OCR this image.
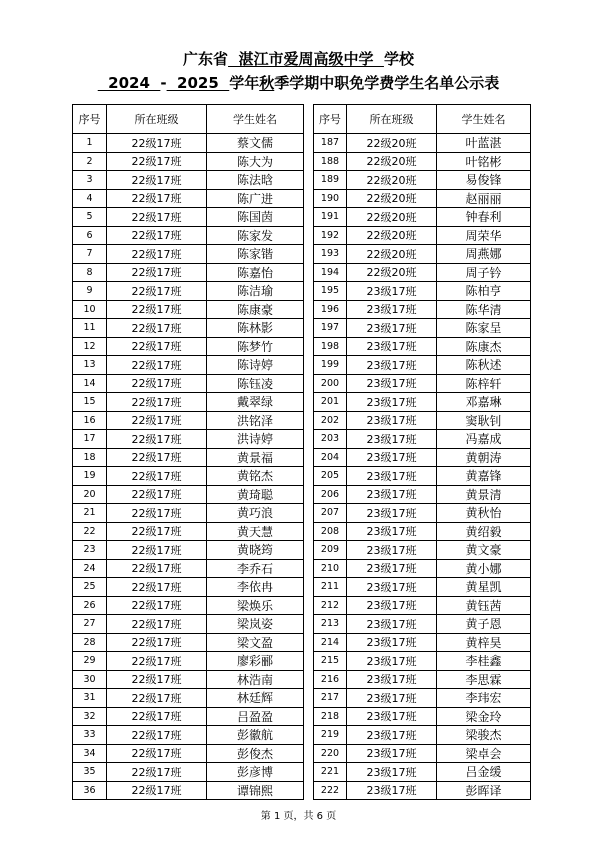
广东省  湛江市爱周高级中学  学校
2024  -  2025  学年秋季学期中职免学费学生名单公示表
序号	所在班级	学生姓名
1	22级17班	蔡文儒
2	22级17班	陈大为
3	22级17班	陈法晗
4	22级17班	陈广进
5	22级17班	陈国茵
6	22级17班	陈家发
7	22级17班	陈家锴
8	22级17班	陈嘉怡
9	22级17班	陈洁瑜
10	22级17班	陈康豪
11	22级17班	陈林影
12	22级17班	陈梦竹
13	22级17班	陈诗婷
14	22级17班	陈钰凌
15	22级17班	戴翠绿
16	22级17班	洪铭泽
17	22级17班	洪诗婷
18	22级17班	黄景福
19	22级17班	黄铭杰
20	22级17班	黄琦聪
21	22级17班	黄巧浪
22	22级17班	黄天慧
23	22级17班	黄晓筠
24	22级17班	李乔石
25	22级17班	李依冉
26	22级17班	梁焕乐
27	22级17班	梁岚姿
28	22级17班	梁文盈
29	22级17班	廖彩郦
30	22级17班	林浩南
31	22级17班	林廷辉
32	22级17班	吕盈盈
33	22级17班	彭徽航
34	22级17班	彭俊杰
35	22级17班	彭彦博
36	22级17班	谭锦熙
序号	所在班级	学生姓名
187	22级20班	叶蓝湛
188	22级20班	叶铭彬
189	22级20班	易俊锋
190	22级20班	赵丽丽
191	22级20班	钟春利
192	22级20班	周荣华
193	22级20班	周燕娜
194	22级20班	周子钤
195	23级17班	陈柏亨
196	23级17班	陈华清
197	23级17班	陈家呈
198	23级17班	陈康杰
199	23级17班	陈秋述
200	23级17班	陈梓轩
201	23级17班	邓嘉琳
202	23级17班	窦耿钊
203	23级17班	冯嘉成
204	23级17班	黄朝涛
205	23级17班	黄嘉锋
206	23级17班	黄景清
207	23级17班	黄秋怡
208	23级17班	黄绍毅
209	23级17班	黄文豪
210	23级17班	黄小娜
211	23级17班	黄星凯
212	23级17班	黄钰茜
213	23级17班	黄子恩
214	23级17班	黄梓昊
215	23级17班	李桂鑫
216	23级17班	李思霖
217	23级17班	李玮宏
218	23级17班	梁金玲
219	23级17班	梁骏杰
220	23级17班	梁卓会
221	23级17班	吕金缓
222	23级17班	彭晖译
第 1 页，共 6 页
